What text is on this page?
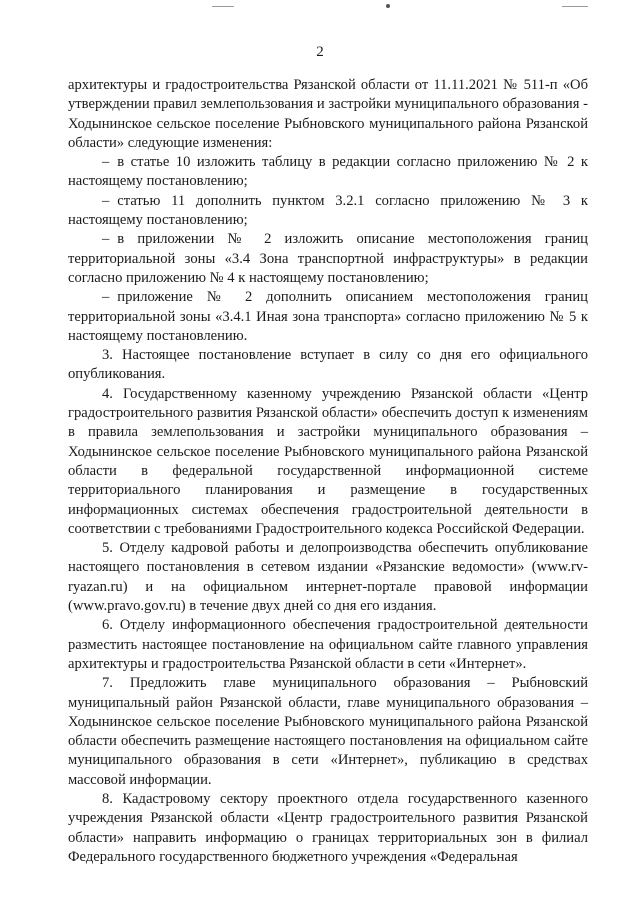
2

архитектуры и градостроительства Рязанской области от 11.11.2021 № 511-п «Об утверждении правил землепользования и застройки муниципального образования - Ходынинское сельское поселение Рыбновского муниципального района Рязанской области» следующие изменения:

– в статье 10 изложить таблицу в редакции согласно приложению № 2 к настоящему постановлению;

– статью 11 дополнить пунктом 3.2.1 согласно приложению № 3 к настоящему постановлению;

– в приложении № 2 изложить описание местоположения границ территориальной зоны «3.4 Зона транспортной инфраструктуры» в редакции согласно приложению № 4 к настоящему постановлению;

– приложение № 2 дополнить описанием местоположения границ территориальной зоны «3.4.1 Иная зона транспорта» согласно приложению № 5 к настоящему постановлению.

3. Настоящее постановление вступает в силу со дня его официального опубликования.

4. Государственному казенному учреждению Рязанской области «Центр градостроительного развития Рязанской области» обеспечить доступ к изменениям в правила землепользования и застройки муниципального образования – Ходынинское сельское поселение Рыбновского муниципального района Рязанской области в федеральной государственной информационной системе территориального планирования и размещение в государственных информационных системах обеспечения градостроительной деятельности в соответствии с требованиями Градостроительного кодекса Российской Федерации.

5. Отделу кадровой работы и делопроизводства обеспечить опубликование настоящего постановления в сетевом издании «Рязанские ведомости» (www.rv-ryazan.ru) и на официальном интернет-портале правовой информации (www.pravo.gov.ru) в течение двух дней со дня его издания.

6. Отделу информационного обеспечения градостроительной деятельности разместить настоящее постановление на официальном сайте главного управления архитектуры и градостроительства Рязанской области в сети «Интернет».

7. Предложить главе муниципального образования – Рыбновский муниципальный район Рязанской области, главе муниципального образования – Ходынинское сельское поселение Рыбновского муниципального района Рязанской области обеспечить размещение настоящего постановления на официальном сайте муниципального образования в сети «Интернет», публикацию в средствах массовой информации.

8. Кадастровому сектору проектного отдела государственного казенного учреждения Рязанской области «Центр градостроительного развития Рязанской области» направить информацию о границах территориальных зон в филиал Федерального государственного бюджетного учреждения «Федеральная
